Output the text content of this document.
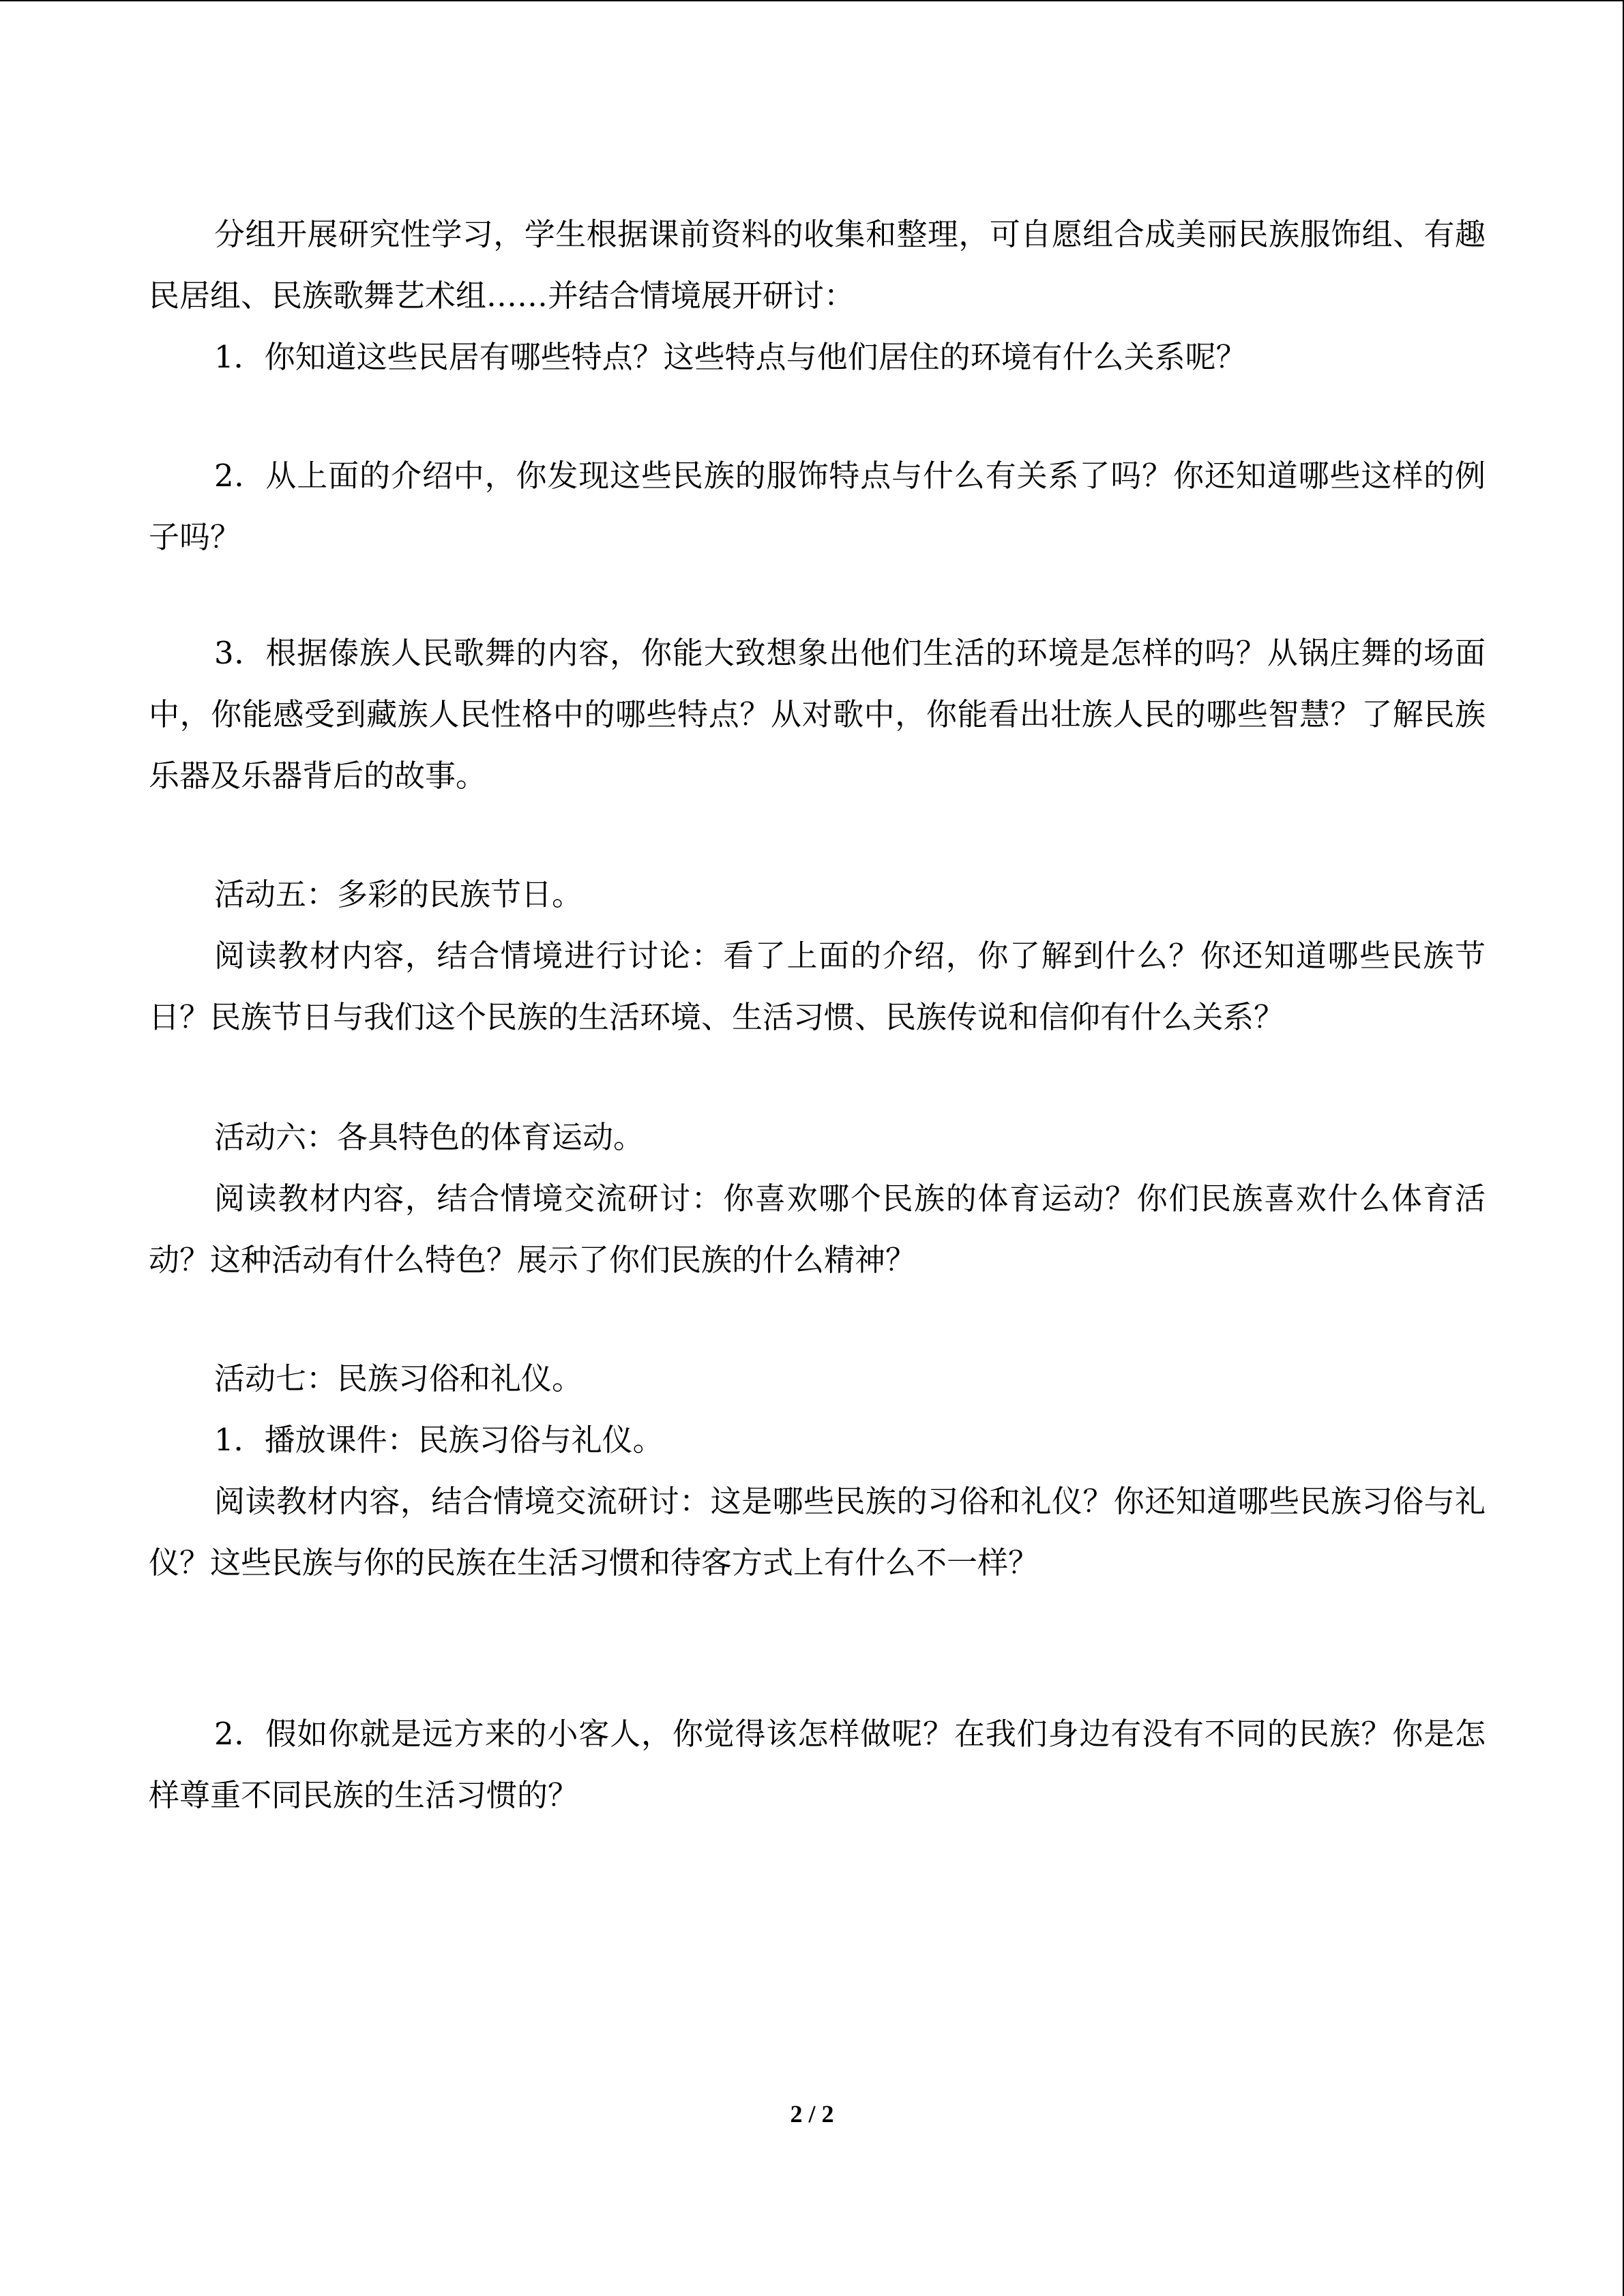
分组开展研究性学习，学生根据课前资料的收集和整理，可自愿组合成美丽民族服饰组、有趣民居组、民族歌舞艺术组……并结合情境展开研讨：

1．你知道这些民居有哪些特点？这些特点与他们居住的环境有什么关系呢？

2．从上面的介绍中，你发现这些民族的服饰特点与什么有关系了吗？你还知道哪些这样的例子吗？

3．根据傣族人民歌舞的内容，你能大致想象出他们生活的环境是怎样的吗？从锅庄舞的场面中，你能感受到藏族人民性格中的哪些特点？从对歌中，你能看出壮族人民的哪些智慧？了解民族乐器及乐器背后的故事。

活动五：多彩的民族节日。

阅读教材内容，结合情境进行讨论：看了上面的介绍，你了解到什么？你还知道哪些民族节日？民族节日与我们这个民族的生活环境、生活习惯、民族传说和信仰有什么关系？

活动六：各具特色的体育运动。

阅读教材内容，结合情境交流研讨：你喜欢哪个民族的体育运动？你们民族喜欢什么体育活动？这种活动有什么特色？展示了你们民族的什么精神？

活动七：民族习俗和礼仪。

1．播放课件：民族习俗与礼仪。

阅读教材内容，结合情境交流研讨：这是哪些民族的习俗和礼仪？你还知道哪些民族习俗与礼仪？这些民族与你的民族在生活习惯和待客方式上有什么不一样？

2．假如你就是远方来的小客人，你觉得该怎样做呢？在我们身边有没有不同的民族？你是怎样尊重不同民族的生活习惯的？

2 / 2
